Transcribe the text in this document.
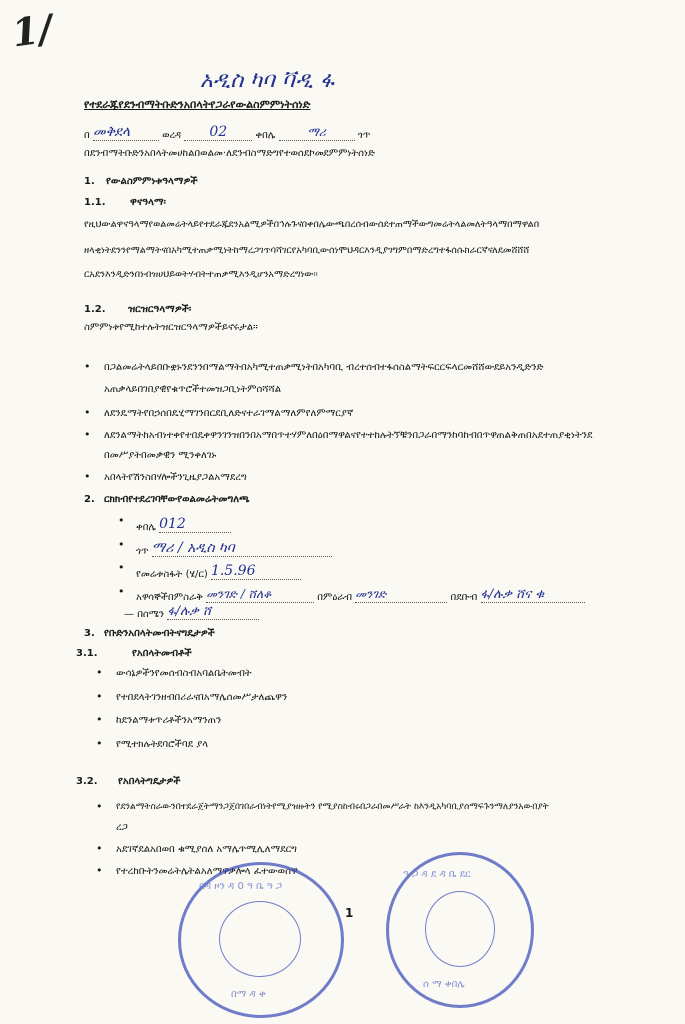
1/
አዲስ ካባ ቫዲ ፋ
የተደራጁየደንብማትቡድንአበላትየጋራየውልስምምነትሰነድ
በ መቅደላ	ወረዳ 02	ቀበሌ	ማሪ	ጎጥ
በደንብማትቡድንአበላትመሀከልበወልመ·ለደንብስማድግየተወሰደኮመደምምነትሰነድ
1. የውልስምምነቱዓላማዎች
1.1. ዋናዓላማ፡
የዚህውልዋናዓላማየወልመሬትላይየተደራጁደንአልሚዎችበኅሉጉናበቀበሌውጫበረሰብውሰደተጠማችውግመሬትላልመለትዓላማበማዋልበ
ዘላቂነትደንንየማልማትናበአካሚተጠቃሚነትከማረጋገጥባሻገርየአካባቢውሰነሞህዳርእንዲያገግምበማድረግተፋሰሱክራርኛናለደመሸሸሸ
ርአደንእንዲድንበነብዝሀህይወትሃብትተጠቃሚእንዲሆንአማድረግነው።
1.2. ዝርዝርዓላማዎች፡
ስምምነቱየሚከተሉትዝርዝርዓላማዎችይኖሩታል።
• በጋልመሬትላይበቡቋኑንደንንበማልማትበአካሚተጠቃሚነትበአካባቢ ብረተሰብተፋሰስልማትፍርርፍላርመሸሸውደይአንዲድንድ
አጠቃላይበገበያዊየቁጥሮችተመዝጋቢነትምሰሻሻል
• ለደንዴማትየበኃሰበዴሂማገንበርደቢለድናተራገማልማለምየለምማርያኛ
• ለደንልማትከአብነተቀየተበዴቀዋንገንዝበንበአማበጥተሃምለበዕበማዋልናየተተከሉትኘቹንበጋራበማንከባከብበጥዋጠልቅጠበአደተጠያቂነትንደ
በመሥያትበመቃዊን ሚንቀለገኑ
• አበላትየሽንስበሃሎችንጊዜያጋልአማደረግ
2. ርክክብየተደረገባቸውየወልመሬትመግለጫ
•
ቀበሌ 012
•
ጎጥ ማሪ / አዲስ ካባ
•
የመሬቱስፋት (ሄ/ር) 1.5.96
• አዋሳኞችበምስራቅ መንገድ / ሸለቆ	በምዕራብ መንገድ	በደቡብ ፋ/ሉቃ ሸና ቁ
— በሰሜን ፋ/ሉቃ ሸ
3. የቡድንአበላትመብትናግዴታዎች
3.1.	የአበላትመብቶች
• ውሳኔዎችንየመሰብስብአባልቤትመብት
• የተበደላትገንዘብበሪራናበአማሌሰመሥታለጨዋን
• ከደንልማቱጥሪቶችንአማንጠን
• የሚተክሉትደባሮችባደ ያላ
3.2. የአበላትግዴታዎች
• የደንልማትስራውንበተደራጀትማንጋጀበገበራብነትየሚያዝዙትን የሚያስከብሩበጋራበመሥራት ከእንዲአካባቢያሰማፍጉንማለያንአውበያት
ረጋ
• አደገኛደልአበወበ ቁሚያሰለ አማሌጥሚሊለማደርግ
• የተረከቡትንመሬትሌትልአለማዋቃሎላ ፈተውወሰዋ
በዳ ዞን ዳ 0 ዓ ቤ ዓ ጋ
በማ ዳ ቀ
1
ዓ ጋ ዳ ደ ዳ ቤ ደር
ሰ ማ ቀበሌ
